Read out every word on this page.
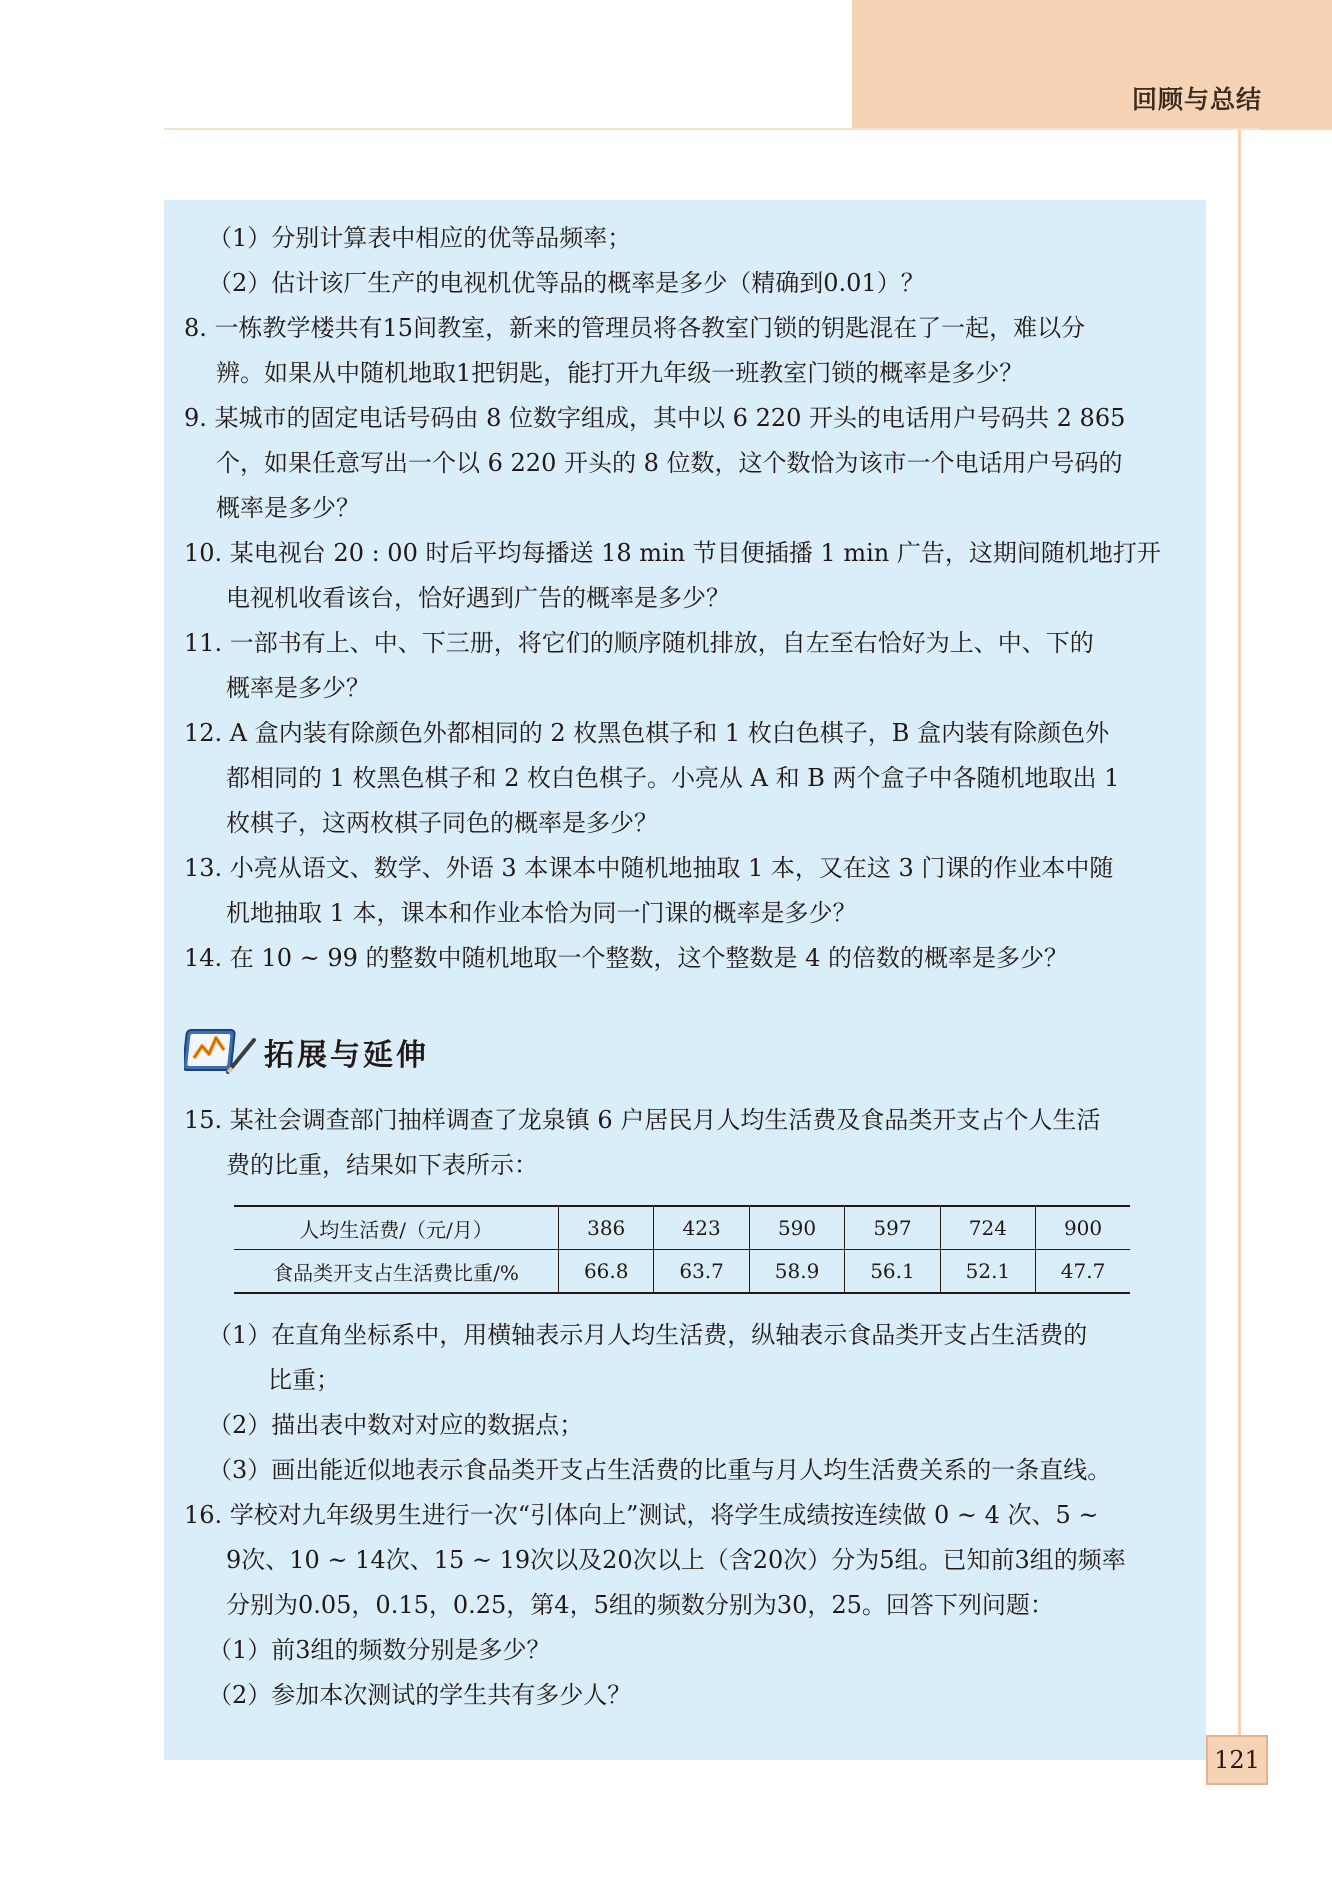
回顾与总结
（1）分别计算表中相应的优等品频率；
（2）估计该厂生产的电视机优等品的概率是多少（精确到0.01）？
8. 一栋教学楼共有15间教室，新来的管理员将各教室门锁的钥匙混在了一起，难以分
辨。如果从中随机地取1把钥匙，能打开九年级一班教室门锁的概率是多少？
9. 某城市的固定电话号码由 8 位数字组成，其中以 6 220 开头的电话用户号码共 2 865
个，如果任意写出一个以 6 220 开头的 8 位数，这个数恰为该市一个电话用户号码的
概率是多少？
10. 某电视台 20 : 00 时后平均每播送 18 min 节目便插播 1 min 广告，这期间随机地打开
电视机收看该台，恰好遇到广告的概率是多少？
11. 一部书有上、中、下三册，将它们的顺序随机排放，自左至右恰好为上、中、下的
概率是多少？
12. A 盒内装有除颜色外都相同的 2 枚黑色棋子和 1 枚白色棋子，B 盒内装有除颜色外
都相同的 1 枚黑色棋子和 2 枚白色棋子。小亮从 A 和 B 两个盒子中各随机地取出 1
枚棋子，这两枚棋子同色的概率是多少？
13. 小亮从语文、数学、外语 3 本课本中随机地抽取 1 本，又在这 3 门课的作业本中随
机地抽取 1 本，课本和作业本恰为同一门课的概率是多少？
14. 在 10 ~ 99 的整数中随机地取一个整数，这个整数是 4 的倍数的概率是多少？
15. 某社会调查部门抽样调查了龙泉镇 6 户居民月人均生活费及食品类开支占个人生活
费的比重，结果如下表所示：
（1）在直角坐标系中，用横轴表示月人均生活费，纵轴表示食品类开支占生活费的
比重；
（2）描出表中数对对应的数据点；
（3）画出能近似地表示食品类开支占生活费的比重与月人均生活费关系的一条直线。
16. 学校对九年级男生进行一次“引体向上”测试，将学生成绩按连续做 0 ~ 4 次、5 ~
9次、10 ~ 14次、15 ~ 19次以及20次以上（含20次）分为5组。已知前3组的频率
分别为0.05，0.15，0.25，第4，5组的频数分别为30，25。回答下列问题：
（1）前3组的频数分别是多少？
（2）参加本次测试的学生共有多少人？
拓展与延伸
人均生活费/（元/月）	386	423	590	597	724	900
食品类开支占生活费比重/%	66.8	63.7	58.9	56.1	52.1	47.7
121
